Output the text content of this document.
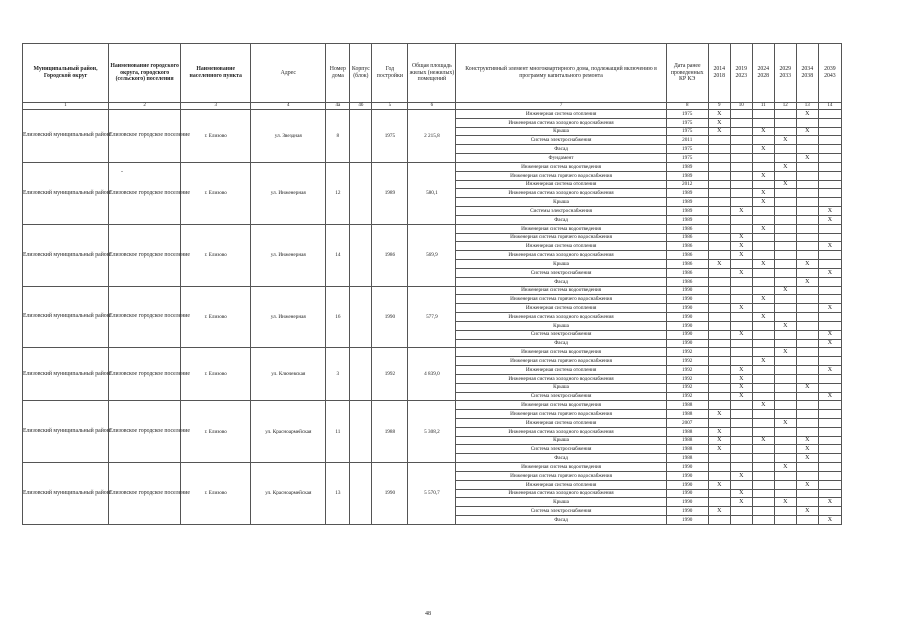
Муниципальный район, Городской округ	Наименование городского округа, городского (сельского) поселения	Наименование населенного пункта	Адрес	Номер дома	Корпус (блок)	Год постройки	Общая площадь жилых (нежилых) помещений	Конструктивный элемент многоквартирного дома, подлежащий включению в программу капитального ремонта	Дата ранее проведенных КР КЭ	2014 2018	2019 2023	2024 2028	2029 2033	2034 2038	2039 2043
1	2	3	4	4а	4б	5	6	7	8	9	10	11	12	13	14
Елизовский муниципальный район	Елизовское городское поселение	г. Елизово	ул. Звездная	8		1975	2 215,8	Инженерная система отопления	1975	X				X	
								Инженерная система холодного водоснабжения	1975	X					
								Крыша	1975	X		X		X	
								Система электроснабжения	2011				X		
								Фасад	1975			X			
								Фундамент	1975					X	
Елизовский муниципальный район	Елизовское городское поселение	г. Елизово	ул. Инженерная	12		1989	580,1	Инженерная система водоотведения	1989				X		
								Инженерная система горячего водоснабжения	1989			X			
								Инженерная система отопления	2012				X		
								Инженерная система холодного водоснабжения	1989			X			
								Крыша	1989			X			
								Системы электроснабжения	1989		X				X
								Фасад	1989						X
Елизовский муниципальный район	Елизовское городское поселение	г. Елизово	ул. Инженерная	14		1986	569,9	Инженерная система водоотведения	1986			X			
								Инженерная система горячего водоснабжения	1986		X				
								Инженерная система отопления	1986		X				X
								Инженерная система холодного водоснабжения	1986		X				
								Крыша	1986	X		X		X	
								Система электроснабжения	1986		X				X
								Фасад	1986					X	
Елизовский муниципальный район	Елизовское городское поселение	г. Елизово	ул. Инженерная	16		1990	577,9	Инженерная система водоотведения	1990				X		
								Инженерная система горячего водоснабжения	1990			X			
								Инженерная система отопления	1990		X				X
								Инженерная система холодного водоснабжения	1990			X			
								Крыша	1990				X		
								Система электроснабжения	1990		X				X
								Фасад	1990						X
Елизовский муниципальный район	Елизовское городское поселение	г. Елизово	ул. Ключевская	3		1992	4 839,0	Инженерная система водоотведения	1992				X		
								Инженерная система горячего водоснабжения	1992			X			
								Инженерная система отопления	1992		X				X
								Инженерная система холодного водоснабжения	1992		X				
								Крыша	1992		X			X	
								Система электроснабжения	1992		X				X
Елизовский муниципальный район	Елизовское городское поселение	г. Елизово	ул. Красноармейская	11		1988	5 308,2	Инженерная система водоотведения	1988			X			
								Инженерная система горячего водоснабжения	1988	X					
								Инженерная система отопления	2007				X		
								Инженерная система холодного водоснабжения	1988	X					
								Крыша	1988	X		X		X	
								Система электроснабжения	1988	X				X	
								Фасад	1988					X	
Елизовский муниципальный район	Елизовское городское поселение	г. Елизово	ул. Красноармейская	13		1990	5 570,7	Инженерная система водоотведения	1990				X		
								Инженерная система горячего водоснабжения	1990		X				
								Инженерная система отопления	1990	X				X	
								Инженерная система холодного водоснабжения	1990		X				
								Крыша	1990		X		X		X
								Система электроснабжения	1990	X				X	
								Фасад	1990						X
-
48
